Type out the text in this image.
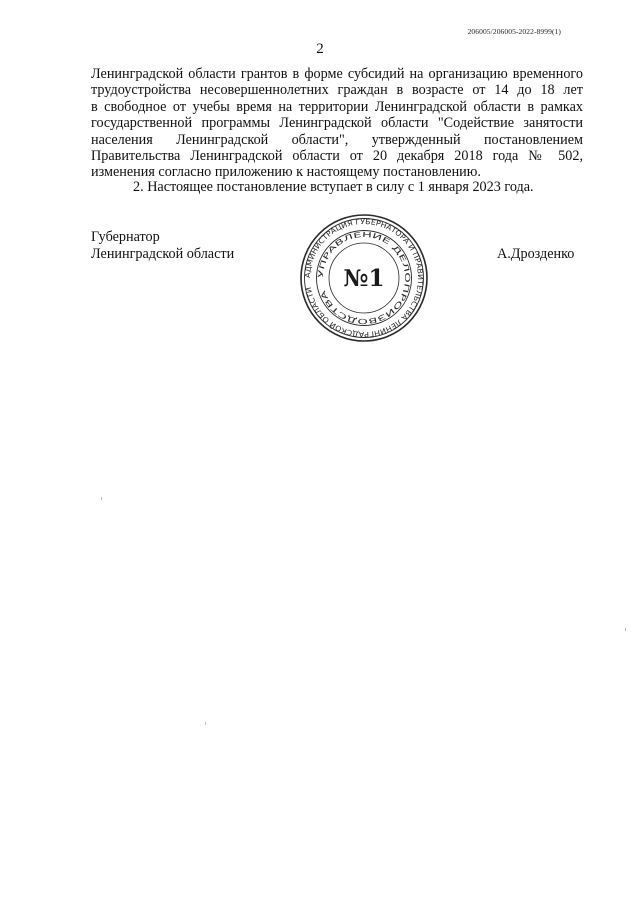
206005/206005-2022-8999(1)
2
Ленинградской области грантов в форме субсидий на организацию временного
трудоустройства несовершеннолетних граждан в возрасте от 14 до 18 лет
в свободное от учебы время на территории Ленинградской области в рамках
государственной программы Ленинградской области "Содействие занятости
населения Ленинградской области", утвержденный постановлением
Правительства Ленинградской области от 20 декабря 2018 года № 502,
изменения согласно приложению к настоящему постановлению.
2. Настоящее постановление вступает в силу с 1 января 2023 года.
Губернатор
Ленинградской области
АДМИНИСТРАЦИЯ ГУБЕРНАТОРА И ПРАВИТЕЛЬСТВА ЛЕНИНГРАДСКОЙ ОБЛАСТИ
УПРАВЛЕНИЕ ДЕЛОПРОИЗВОДСТВА
№1
А.Дрозденко
